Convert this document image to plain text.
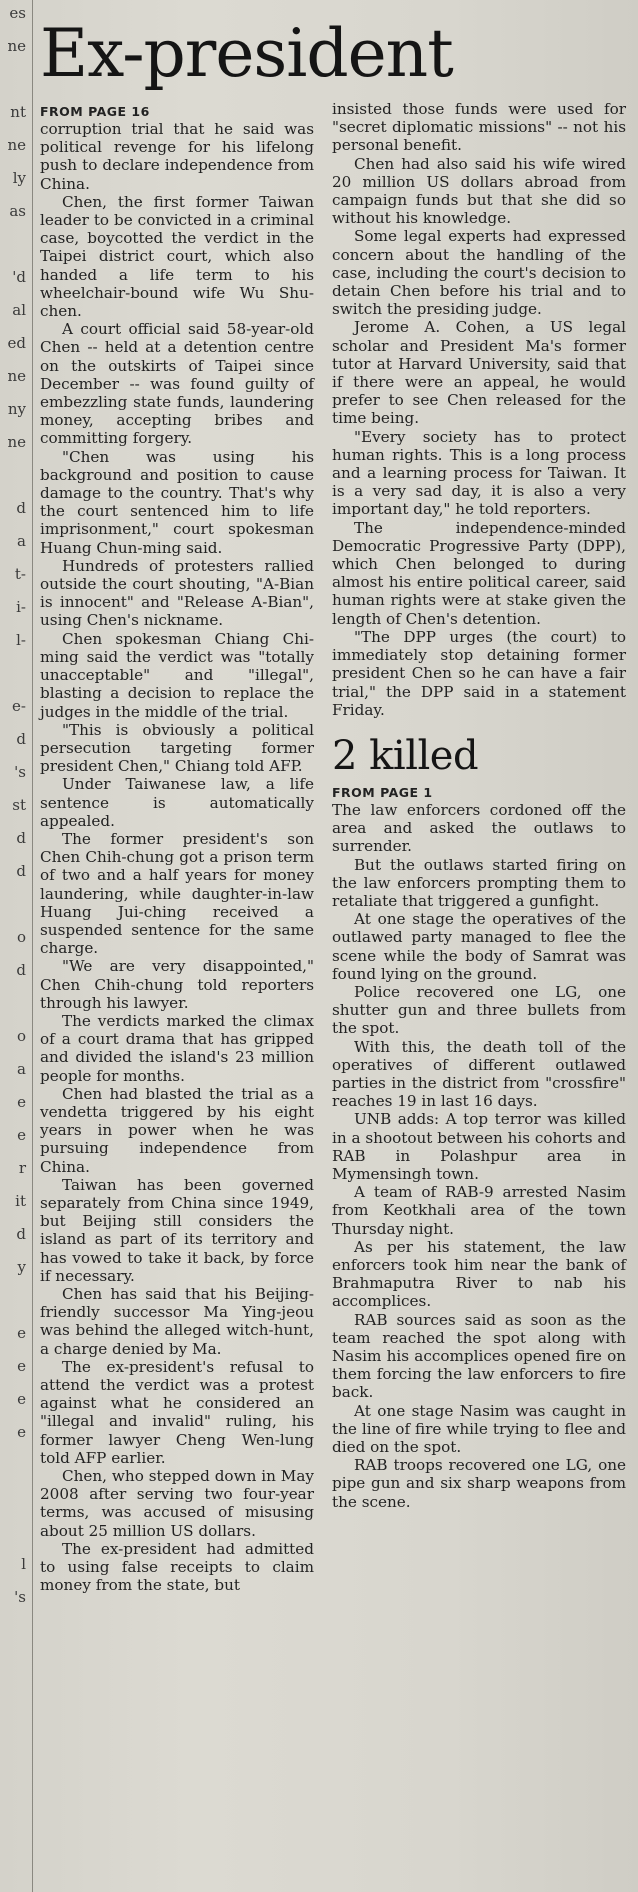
es
ne
nt
ne
ly
as
'd
al
ed
ne
ny
ne
d
a
t-
i-
l-
e-
d
's
st
d
d
o
d
o
a
e
e
r
it
d
y
e
e
e
e
l
's
Ex-president
FROM PAGE 16

corruption trial that he said was political revenge for his lifelong push to declare independence from China.

Chen, the first former Taiwan leader to be convicted in a criminal case, boycotted the verdict in the Taipei district court, which also handed a life term to his wheelchair-bound wife Wu Shu-chen.

A court official said 58-year-old Chen -- held at a detention centre on the outskirts of Taipei since December -- was found guilty of embezzling state funds, laundering money, accepting bribes and committing forgery.

"Chen was using his background and position to cause damage to the country. That's why the court sentenced him to life imprisonment," court spokesman Huang Chun-ming said.

Hundreds of protesters rallied outside the court shouting, "A-Bian is innocent" and "Release A-Bian", using Chen's nickname.

Chen spokesman Chiang Chi-ming said the verdict was "totally unacceptable" and "illegal", blasting a decision to replace the judges in the middle of the trial.

"This is obviously a political persecution targeting former president Chen," Chiang told AFP.

Under Taiwanese law, a life sentence is automatically appealed.

The former president's son Chen Chih-chung got a prison term of two and a half years for money laundering, while daughter-in-law Huang Jui-ching received a suspended sentence for the same charge.

"We are very disappointed," Chen Chih-chung told reporters through his lawyer.

The verdicts marked the climax of a court drama that has gripped and divided the island's 23 million people for months.

Chen had blasted the trial as a vendetta triggered by his eight years in power when he was pursuing independence from China.

Taiwan has been governed separately from China since 1949, but Beijing still considers the island as part of its territory and has vowed to take it back, by force if necessary.

Chen has said that his Beijing-friendly successor Ma Ying-jeou was behind the alleged witch-hunt, a charge denied by Ma.

The ex-president's refusal to attend the verdict was a protest against what he considered an "illegal and invalid" ruling, his former lawyer Cheng Wen-lung told AFP earlier.

Chen, who stepped down in May 2008 after serving two four-year terms, was accused of misusing about 25 million US dollars.

The ex-president had admitted to using false receipts to claim money from the state, but

insisted those funds were used for "secret diplomatic missions" -- not his personal benefit.

Chen had also said his wife wired 20 million US dollars abroad from campaign funds but that she did so without his knowledge.

Some legal experts had expressed concern about the handling of the case, including the court's decision to detain Chen before his trial and to switch the presiding judge.

Jerome A. Cohen, a US legal scholar and President Ma's former tutor at Harvard University, said that if there were an appeal, he would prefer to see Chen released for the time being.

"Every society has to protect human rights. This is a long process and a learning process for Taiwan. It is a very sad day, it is also a very important day," he told reporters.

The independence-minded Democratic Progressive Party (DPP), which Chen belonged to during almost his entire political career, said human rights were at stake given the length of Chen's detention.

"The DPP urges (the court) to immediately stop detaining former president Chen so he can have a fair trial," the DPP said in a statement Friday.

2 killed
FROM PAGE 1

The law enforcers cordoned off the area and asked the outlaws to surrender.

But the outlaws started firing on the law enforcers prompting them to retaliate that triggered a gunfight.

At one stage the operatives of the outlawed party managed to flee the scene while the body of Samrat was found lying on the ground.

Police recovered one LG, one shutter gun and three bullets from the spot.

With this, the death toll of the operatives of different outlawed parties in the district from "crossfire" reaches 19 in last 16 days.

UNB adds: A top terror was killed in a shootout between his cohorts and RAB in Polashpur area in Mymensingh town.

A team of RAB-9 arrested Nasim from Keotkhali area of the town Thursday night.

As per his statement, the law enforcers took him near the bank of Brahmaputra River to nab his accomplices.

RAB sources said as soon as the team reached the spot along with Nasim his accomplices opened fire on them forcing the law enforcers to fire back.

At one stage Nasim was caught in the line of fire while trying to flee and died on the spot.

RAB troops recovered one LG, one pipe gun and six sharp weapons from the scene.
